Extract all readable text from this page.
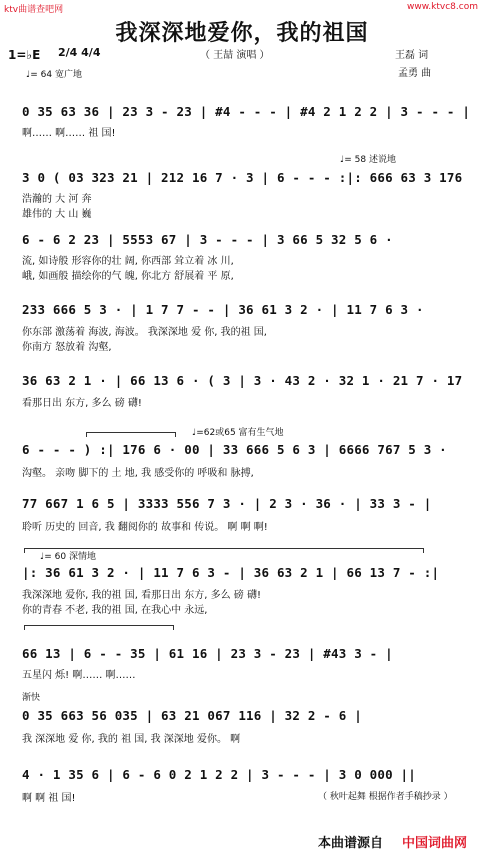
ktv曲谱查吧网	www.ktvc8.com
我深深地爱你，我的祖国
（ 王喆 演唱 ）	王磊 词
孟勇 曲
1=♭E 2/4 4/4
♩= 64 宽广地
♩= 58 述说地
♩=62或65 富有生气地
♩= 60 深情地
渐快
0 35 63 36 | 23 3 - 23 | #4 - - - | #4 2 1 2 2 | 3 - - - |
啊…… 啊…… 祖 国!
3 0 ( 03 323 21 | 212 16 7 · 3 | 6 - - - :|: 666 63 3 176
浩瀚的 大 河 奔
雄伟的 大 山 巍
6 - 6 2 23 | 5553 67 | 3 - - - | 3 66 5 32 5 6 ·
流, 如诗般 形容你的壮 阔, 你西部 耸立着 冰 川,
峨, 如画般 描绘你的气 魄, 你北方 舒展着 平 原,
233 666 5 3 · | 1 7 7 - - | 36 61 3 2 · | 11 7 6 3 ·
你东部 激荡着 海波, 海波。 我深深地 爱 你, 我的祖 国,
你南方 怒放着 沟壑,
36 63 2 1 · | 66 13 6 · ( 3 | 3 · 43 2 · 32 1 · 21 7 · 17
看那日出 东方, 多么 磅 礴!
6 - - - ) :| 176 6 · 00 | 33 666 5 6 3 | 6666 767 5 3 ·
沟壑。 亲吻 脚下的 土 地, 我 感受你的 呼吸和 脉搏,
77 667 1 6 5 | 3333 556 7 3 · | 2 3 · 36 · | 33 3 - |
聆听 历史的 回音, 我 翻阅你的 故事和 传说。 啊 啊 啊!
|: 36 61 3 2 · | 11 7 6 3 - | 36 63 2 1 | 66 13 7 - :|
我深深地 爱你, 我的祖 国, 看那日出 东方, 多么 磅 礴!
你的青春 不老, 我的祖 国, 在我心中 永远,
66 13 | 6 - - 35 | 61 16 | 23 3 - 23 | #43 3 - |
五星闪 烁! 啊…… 啊……
0 35 663 56 035 | 63 21 067 116 | 32 2 - 6 |
我 深深地 爱 你, 我的 祖 国, 我 深深地 爱你。 啊
4 · 1 35 6 | 6 - 6 0 2 1 2 2 | 3 - - - | 3 0 000 ||
啊 啊 祖 国!	（ 秋叶起舞 根据作者手稿抄录 ）
本曲谱源自 中国词曲网
